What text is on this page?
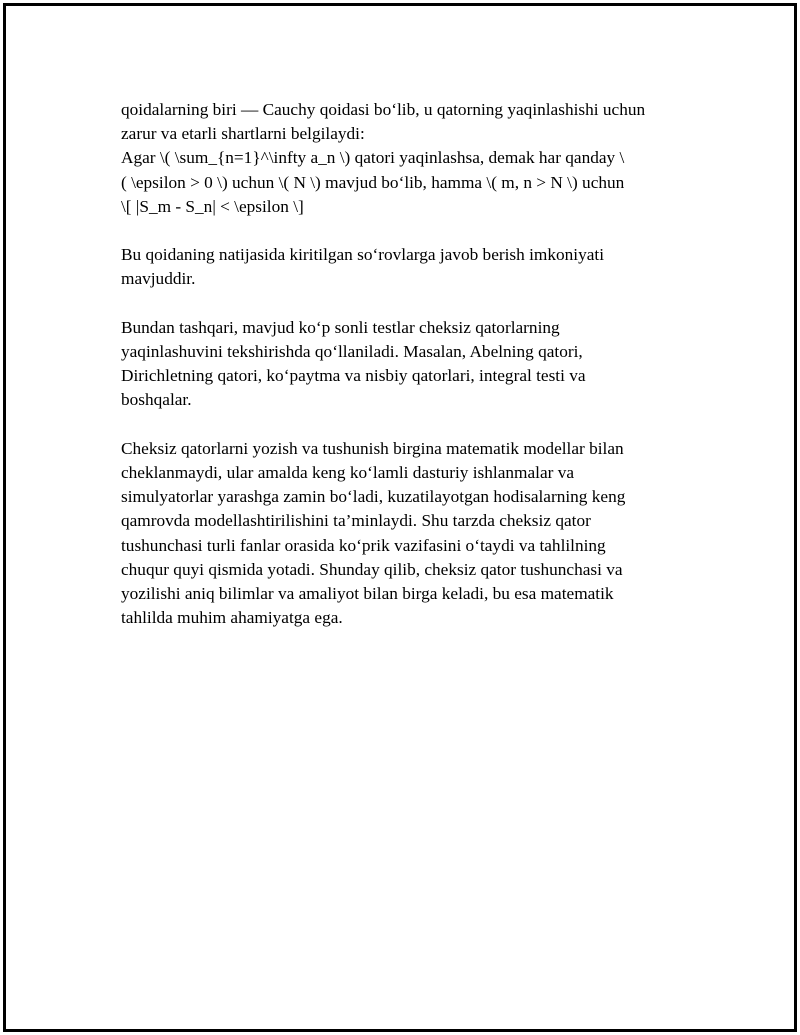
qoidalarning biri — Cauchy qoidasi bo‘lib, u qatorning yaqinlashishi uchun
zarur va etarli shartlarni belgilaydi:
Agar \( \sum_{n=1}^\infty a_n \) qatori yaqinlashsa, demak har qanday \
( \epsilon > 0 \) uchun \( N \) mavjud bo‘lib, hamma \( m, n > N \) uchun
\[ |S_m - S_n| < \epsilon \]

Bu qoidaning natijasida kiritilgan so‘rovlarga javob berish imkoniyati
mavjuddir.

Bundan tashqari, mavjud ko‘p sonli testlar cheksiz qatorlarning
yaqinlashuvini tekshirishda qo‘llaniladi. Masalan, Abelning qatori,
Dirichletning qatori, ko‘paytma va nisbiy qatorlari, integral testi va
boshqalar.

Cheksiz qatorlarni yozish va tushunish birgina matematik modellar bilan
cheklanmaydi, ular amalda keng ko‘lamli dasturiy ishlanmalar va
simulyatorlar yarashga zamin bo‘ladi, kuzatilayotgan hodisalarning keng
qamrovda modellashtirilishini ta’minlaydi. Shu tarzda cheksiz qator
tushunchasi turli fanlar orasida ko‘prik vazifasini o‘taydi va tahlilning
chuqur quyi qismida yotadi. Shunday qilib, cheksiz qator tushunchasi va
yozilishi aniq bilimlar va amaliyot bilan birga keladi, bu esa matematik
tahlilda muhim ahamiyatga ega.
